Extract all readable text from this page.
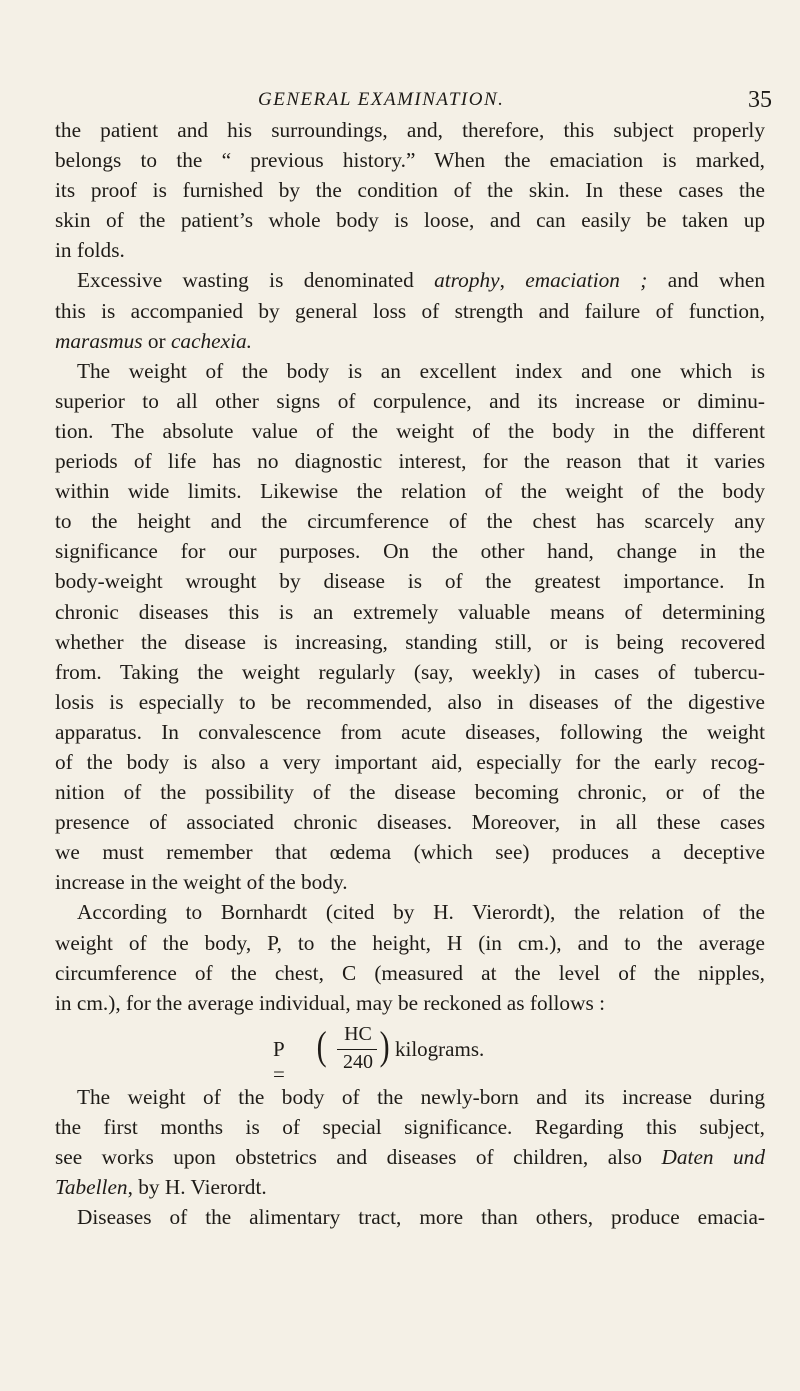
GENERAL EXAMINATION.	35
the patient and his surroundings, and, therefore, this subject properly
belongs to the “ previous history.” When the emaciation is marked,
its proof is furnished by the condition of the skin. In these cases the
skin of the patient’s whole body is loose, and can easily be taken up
in folds.
Excessive wasting is denominated atrophy, emaciation ; and when
this is accompanied by general loss of strength and failure of function,
marasmus or cachexia.
The weight of the body is an excellent index and one which is
superior to all other signs of corpulence, and its increase or diminu-
tion. The absolute value of the weight of the body in the different
periods of life has no diagnostic interest, for the reason that it varies
within wide limits. Likewise the relation of the weight of the body
to the height and the circumference of the chest has scarcely any
significance for our purposes. On the other hand, change in the
body-weight wrought by disease is of the greatest importance. In
chronic diseases this is an extremely valuable means of determining
whether the disease is increasing, standing still, or is being recovered
from. Taking the weight regularly (say, weekly) in cases of tubercu-
losis is especially to be recommended, also in diseases of the digestive
apparatus. In convalescence from acute diseases, following the weight
of the body is also a very important aid, especially for the early recog-
nition of the possibility of the disease becoming chronic, or of the
presence of associated chronic diseases. Moreover, in all these cases
we must remember that œdema (which see) produces a deceptive
increase in the weight of the body.
According to Bornhardt (cited by H. Vierordt), the relation of the
weight of the body, P, to the height, H (in cm.), and to the average
circumference of the chest, C (measured at the level of the nipples,
in cm.), for the average individual, may be reckoned as follows :
P =
( HC
240 ) kilograms.
The weight of the body of the newly-born and its increase during
the first months is of special significance. Regarding this subject,
see works upon obstetrics and diseases of children, also Daten und
Tabellen, by H. Vierordt.
Diseases of the alimentary tract, more than others, produce emacia-
